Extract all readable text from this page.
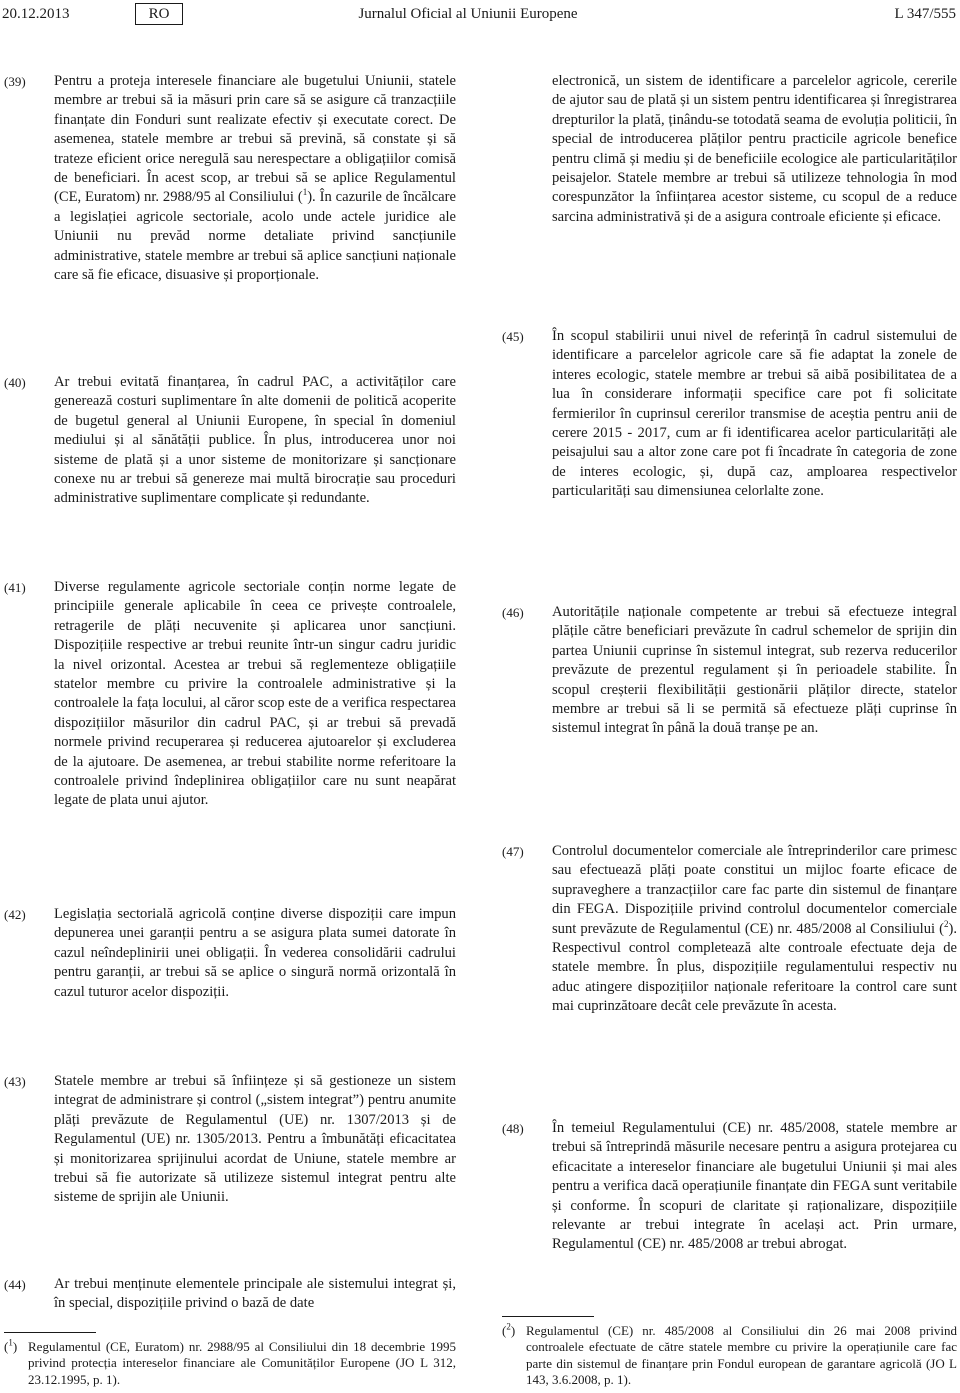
20.12.2013	RO	Jurnalul Oficial al Uniunii Europene	L 347/555
(39) Pentru a proteja interesele financiare ale bugetului Uniunii, statele membre ar trebui să ia măsuri prin care să se asigure că tranzacțiile finanțate din Fonduri sunt realizate efectiv și executate corect. De asemenea, statele membre ar trebui să prevină, să constate și să trateze eficient orice neregulă sau nerespectare a obligațiilor comisă de beneficiari. În acest scop, ar trebui să se aplice Regulamentul (CE, Euratom) nr. 2988/95 al Consiliului ($^1$). În cazurile de încălcare a legislației agricole sectoriale, acolo unde actele juridice ale Uniunii nu prevăd norme detaliate privind sancțiunile administrative, statele membre ar trebui să aplice sancțiuni naționale care să fie eficace, disuasive și proporționale.
(40) Ar trebui evitată finanțarea, în cadrul PAC, a activităților care generează costuri suplimentare în alte domenii de politică acoperite de bugetul general al Uniunii Europene, în special în domeniul mediului și al sănătății publice. În plus, introducerea unor noi sisteme de plată și a unor sisteme de monitorizare și sancționare conexe nu ar trebui să genereze mai multă birocrație sau proceduri administrative suplimentare complicate și redundante.
(41) Diverse regulamente agricole sectoriale conțin norme legate de principiile generale aplicabile în ceea ce privește controalele, retragerile de plăți necuvenite și aplicarea unor sancțiuni. Dispozițiile respective ar trebui reunite într-un singur cadru juridic la nivel orizontal. Acestea ar trebui să reglementeze obligațiile statelor membre cu privire la controalele administrative și la controalele la fața locului, al căror scop este de a verifica respectarea dispozițiilor măsurilor din cadrul PAC, și ar trebui să prevadă normele privind recuperarea și reducerea ajutoarelor și excluderea de la ajutoare. De asemenea, ar trebui stabilite norme referitoare la controalele privind îndeplinirea obligațiilor care nu sunt neapărat legate de plata unui ajutor.
(42) Legislația sectorială agricolă conține diverse dispoziții care impun depunerea unei garanții pentru a se asigura plata sumei datorate în cazul neîndeplinirii unei obligații. În vederea consolidării cadrului pentru garanții, ar trebui să se aplice o singură normă orizontală în cazul tuturor acelor dispoziții.
(43) Statele membre ar trebui să înființeze și să gestioneze un sistem integrat de administrare și control („sistem integrat”) pentru anumite plăți prevăzute de Regulamentul (UE) nr. 1307/2013 și de Regulamentul (UE) nr. 1305/2013. Pentru a îmbunătăți eficacitatea și monitorizarea sprijinului acordat de Uniune, statele membre ar trebui să fie autorizate să utilizeze sistemul integrat pentru alte sisteme de sprijin ale Uniunii.
(44) Ar trebui menținute elementele principale ale sistemului integrat și, în special, dispozițiile privind o bază de date
($^1$) Regulamentul (CE, Euratom) nr. 2988/95 al Consiliului din 18 decembrie 1995 privind protecția intereselor financiare ale Comunităților Europene (JO L 312, 23.12.1995, p. 1).
electronică, un sistem de identificare a parcelelor agricole, cererile de ajutor sau de plată și un sistem pentru identificarea și înregistrarea drepturilor la plată, ținându-se totodată seama de evoluția politicii, în special de introducerea plăților pentru practicile agricole benefice pentru climă și mediu și de beneficiile ecologice ale particularităților peisajelor. Statele membre ar trebui să utilizeze tehnologia în mod corespunzător la înființarea acestor sisteme, cu scopul de a reduce sarcina administrativă și de a asigura controale eficiente și eficace.
(45) În scopul stabilirii unui nivel de referință în cadrul sistemului de identificare a parcelelor agricole care să fie adaptat la zonele de interes ecologic, statele membre ar trebui să aibă posibilitatea de a lua în considerare informații specifice care pot fi solicitate fermierilor în cuprinsul cererilor transmise de aceștia pentru anii de cerere 2015 - 2017, cum ar fi identificarea acelor particularități ale peisajului sau a altor zone care pot fi încadrate în categoria de zone de interes ecologic, și, după caz, amploarea respectivelor particularități sau dimensiunea celorlalte zone.
(46) Autoritățile naționale competente ar trebui să efectueze integral plățile către beneficiari prevăzute în cadrul schemelor de sprijin din partea Uniunii cuprinse în sistemul integrat, sub rezerva reducerilor prevăzute de prezentul regulament și în perioadele stabilite. În scopul creșterii flexibilității gestionării plăților directe, statelor membre ar trebui să li se permită să efectueze plăți cuprinse în sistemul integrat în până la două tranșe pe an.
(47) Controlul documentelor comerciale ale întreprinderilor care primesc sau efectuează plăți poate constitui un mijloc foarte eficace de supraveghere a tranzacțiilor care fac parte din sistemul de finanțare din FEGA. Dispozițiile privind controlul documentelor comerciale sunt prevăzute de Regulamentul (CE) nr. 485/2008 al Consiliului ($^2$). Respectivul control completează alte controale efectuate deja de statele membre. În plus, dispozițiile regulamentului respectiv nu aduc atingere dispozițiilor naționale referitoare la control care sunt mai cuprinzătoare decât cele prevăzute în acesta.
(48) În temeiul Regulamentului (CE) nr. 485/2008, statele membre ar trebui să întreprindă măsurile necesare pentru a asigura protejarea cu eficacitate a intereselor financiare ale bugetului Uniunii și mai ales pentru a verifica dacă operațiunile finanțate din FEGA sunt veritabile și conforme. În scopuri de claritate și raționalizare, dispozițiile relevante ar trebui integrate în același act. Prin urmare, Regulamentul (CE) nr. 485/2008 ar trebui abrogat.
($^2$) Regulamentul (CE) nr. 485/2008 al Consiliului din 26 mai 2008 privind controalele efectuate de către statele membre cu privire la operațiunile care fac parte din sistemul de finanțare prin Fondul european de garantare agricolă (JO L 143, 3.6.2008, p. 1).
